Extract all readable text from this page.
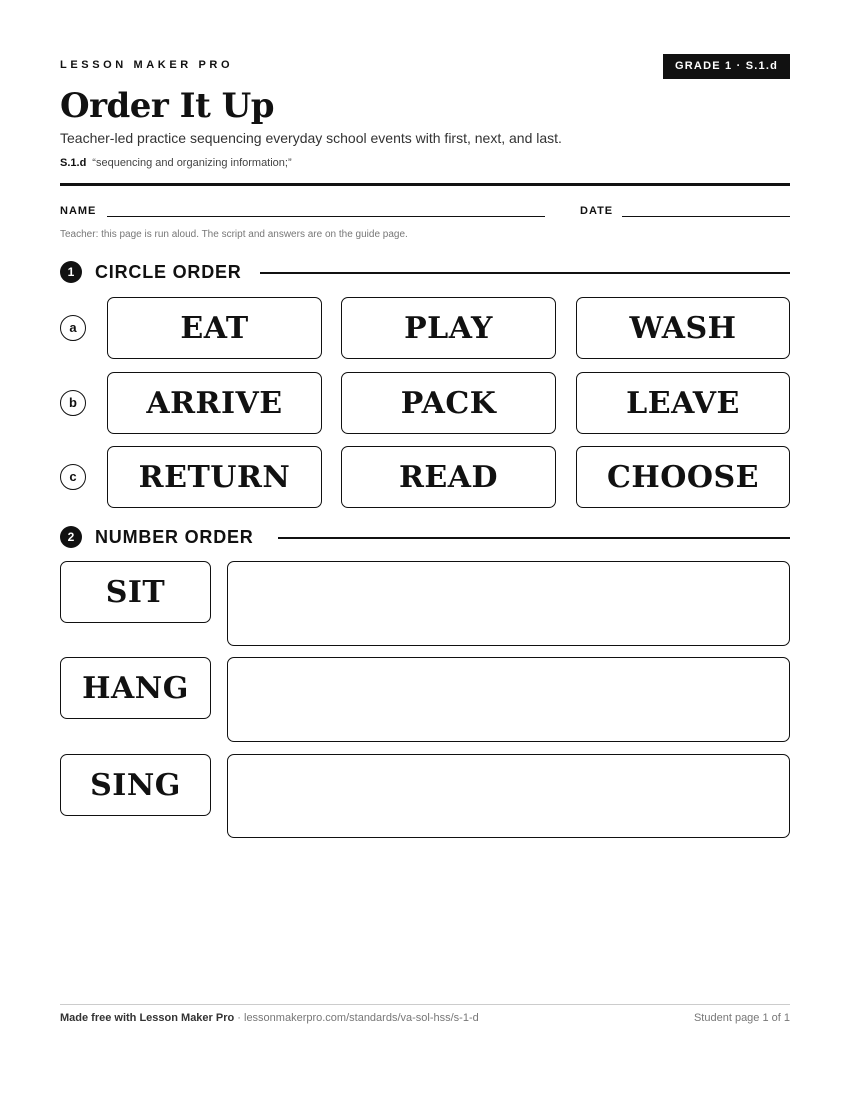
LESSON MAKER PRO	GRADE 1 · S.1.d
Order It Up
Teacher-led practice sequencing everyday school events with first, next, and last.
S.1.d “sequencing and organizing information;”
NAME	DATE
Teacher: this page is run aloud. The script and answers are on the guide page.
1	CIRCLE ORDER
a	EAT	PLAY	WASH
b	ARRIVE	PACK	LEAVE
c	RETURN	READ	CHOOSE
2	NUMBER ORDER
SIT
HANG
SING
Made free with Lesson Maker Pro · lessonmakerpro.com/standards/va-sol-hss/s-1-d	Student page 1 of 1
